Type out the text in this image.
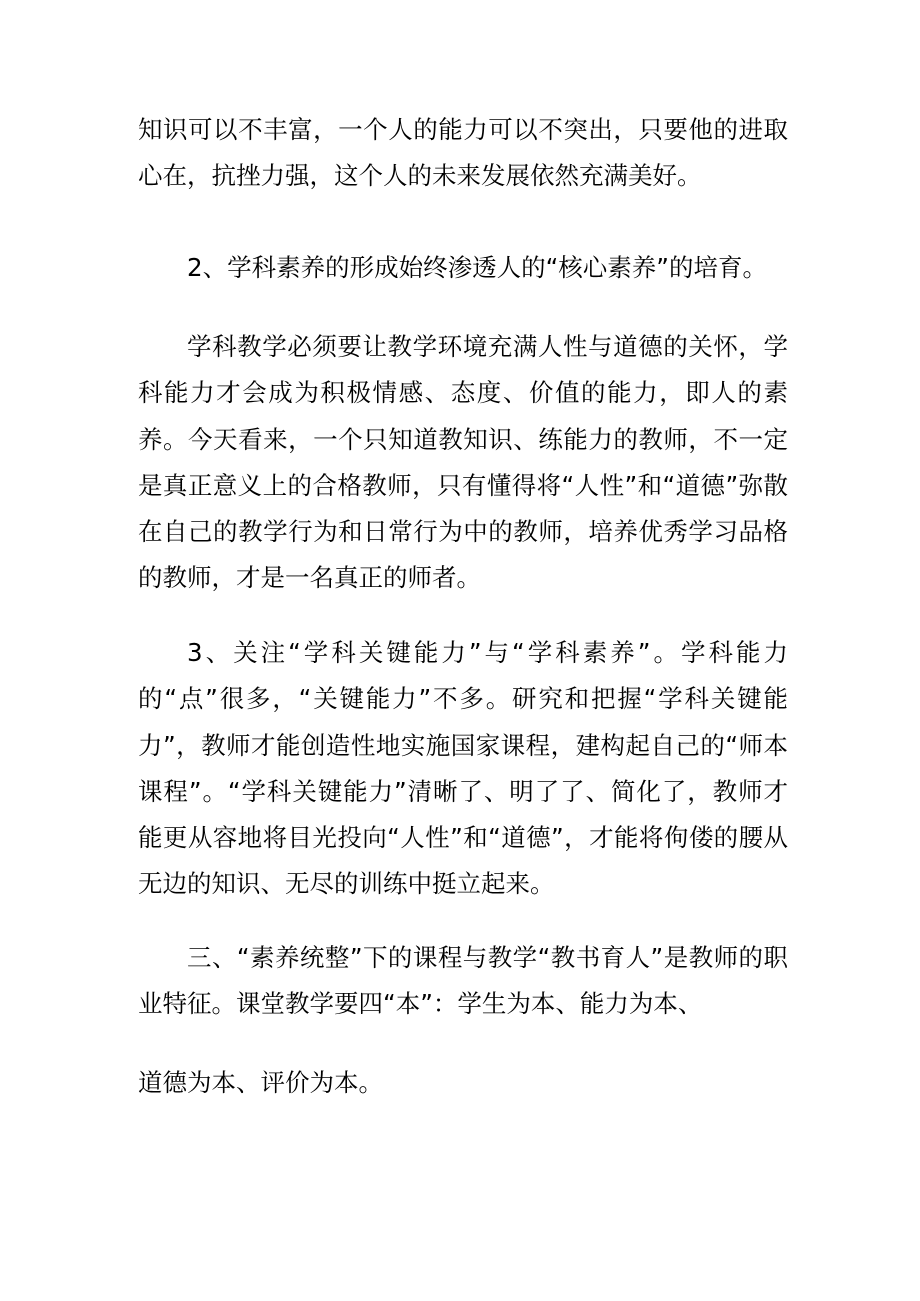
知识可以不丰富，一个人的能力可以不突出，只要他的进取心在，抗挫力强，这个人的未来发展依然充满美好。

2、学科素养的形成始终渗透人的“核心素养”的培育。

学科教学必须要让教学环境充满人性与道德的关怀，学科能力才会成为积极情感、态度、价值的能力，即人的素养。今天看来，一个只知道教知识、练能力的教师，不一定是真正意义上的合格教师，只有懂得将“人性”和“道德”弥散在自己的教学行为和日常行为中的教师，培养优秀学习品格的教师，才是一名真正的师者。

3、关注“学科关键能力”与“学科素养”。学科能力的“点”很多，“关键能力”不多。研究和把握“学科关键能力”，教师才能创造性地实施国家课程，建构起自己的“师本课程”。“学科关键能力”清晰了、明了了、简化了，教师才能更从容地将目光投向“人性”和“道德”，才能将佝偻的腰从无边的知识、无尽的训练中挺立起来。

三、“素养统整”下的课程与教学“教书育人”是教师的职业特征。课堂教学要四“本”：学生为本、能力为本、

道德为本、评价为本。
